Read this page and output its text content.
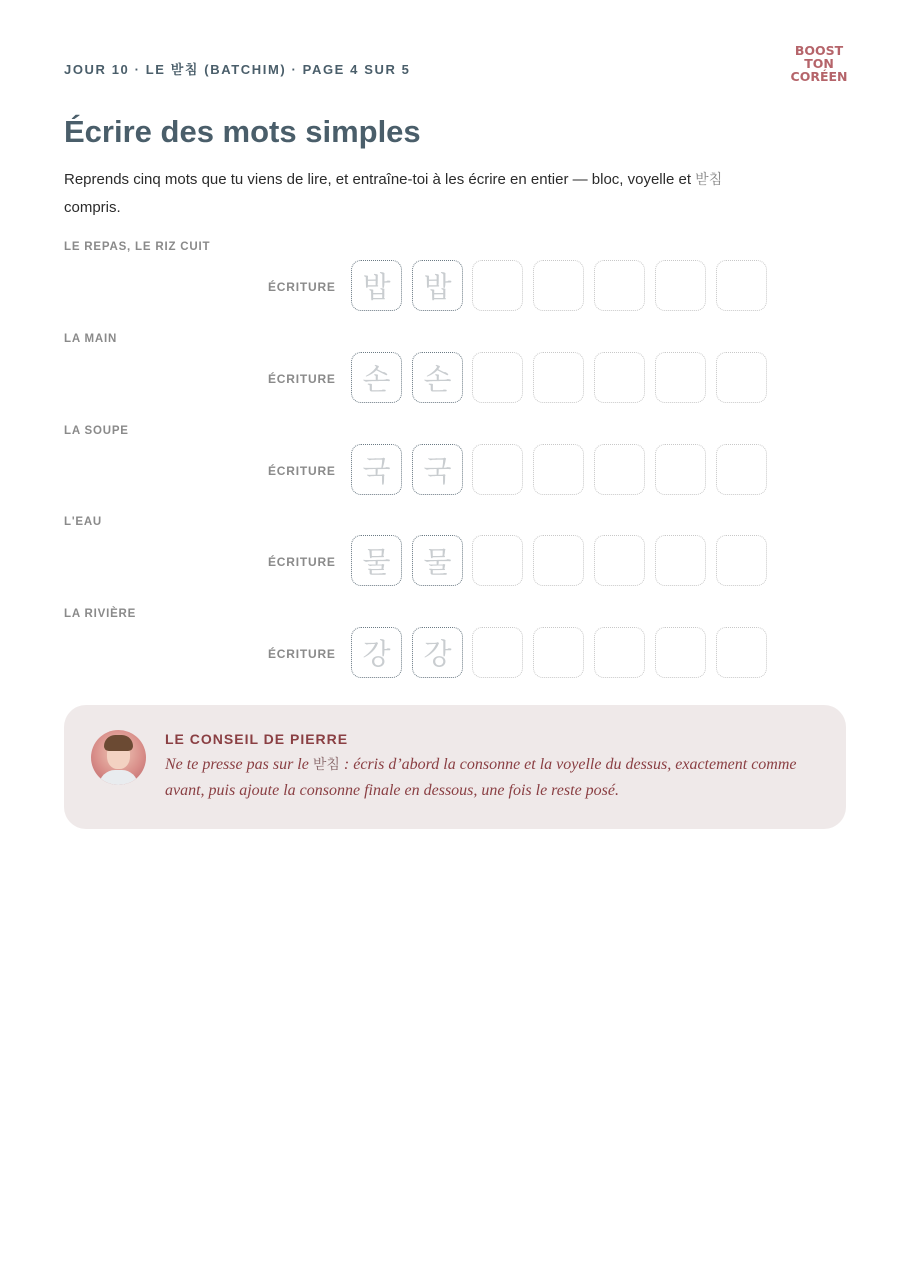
JOUR 10 · LE 받침 (BATCHIM) · PAGE 4 SUR 5
BOOST
TON
CORÉEN
Écrire des mots simples

Reprends cinq mots que tu viens de lire, et entraîne-toi à les écrire en entier — bloc, voyelle et 받침
compris.

LE REPAS, LE RIZ CUIT
ÉCRITURE 밥	밥
LA MAIN
ÉCRITURE 손	손
LA SOUPE
ÉCRITURE 국	국
L'EAU
ÉCRITURE 물	물
LA RIVIÈRE
ÉCRITURE 강	강
LE CONSEIL DE PIERRE

Ne te presse pas sur le 받침 : écris d’abord la consonne et la voyelle du dessus, exactement comme avant, puis ajoute la consonne finale en dessous, une fois le reste posé.
